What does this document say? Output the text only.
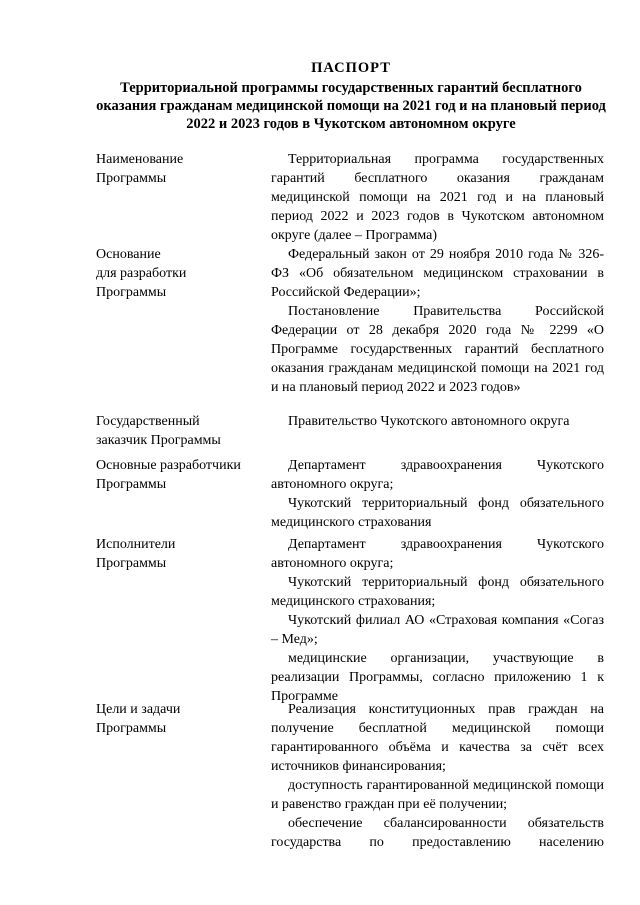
ПАСПОРТ
Территориальной программы государственных гарантий бесплатного оказания гражданам медицинской помощи на 2021 год и на плановый период 2022 и 2023 годов в Чукотском автономном округе
Наименование
Программы

Территориальная программа государственных гарантий бесплатного оказания гражданам медицинской помощи на 2021 год и на плановый период 2022 и 2023 годов в Чукотском автономном округе (далее – Программа)

Основание
для разработки
Программы

Федеральный закон от 29 ноября 2010 года № 326-ФЗ «Об обязательном медицинском страховании в Российской Федерации»;

Постановление Правительства Российской Федерации от 28 декабря 2020 года № 2299 «О Программе государственных гарантий бесплатного оказания гражданам медицинской помощи на 2021 год и на плановый период 2022 и 2023 годов»

Государственный
заказчик Программы

Правительство Чукотского автономного округа

Основные разработчики
Программы

Департамент здравоохранения Чукотского автономного округа;

Чукотский территориальный фонд обязательного медицинского страхования

Исполнители
Программы

Департамент здравоохранения Чукотского автономного округа;

Чукотский территориальный фонд обязательного медицинского страхования;

Чукотский филиал АО «Страховая компания «Согаз – Мед»;

медицинские организации, участвующие в реализации Программы, согласно приложению 1 к Программе

Цели и задачи
Программы

Реализация конституционных прав граждан на получение бесплатной медицинской помощи гарантированного объёма и качества за счёт всех источников финансирования;

доступность гарантированной медицинской помощи и равенство граждан при её получении;

обеспечение сбалансированности обязательств государства по предоставлению населению
